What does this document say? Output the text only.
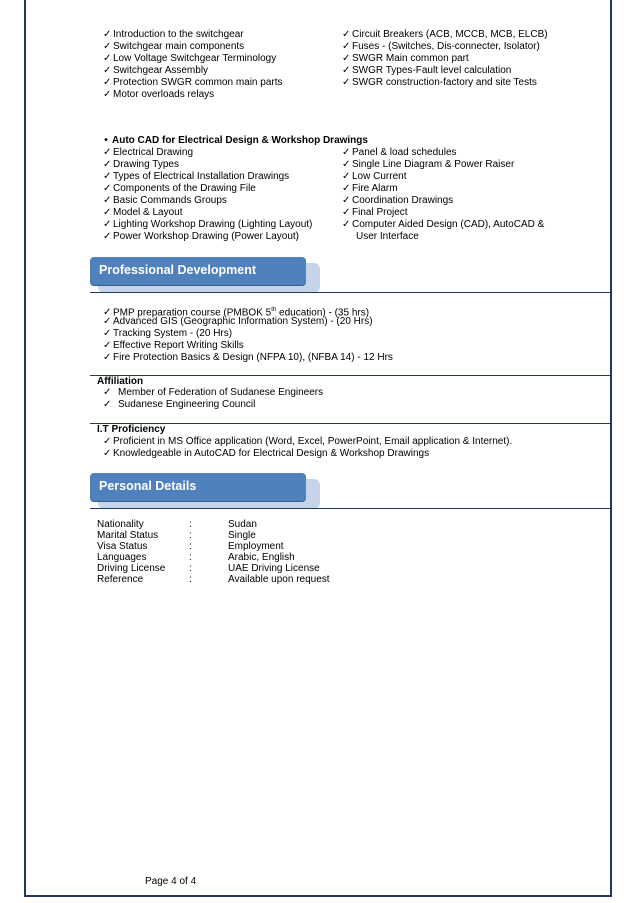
✓ Introduction to the switchgear
✓ Switchgear main components
✓ Low Voltage Switchgear Terminology
✓ Switchgear Assembly
✓ Protection SWGR common main parts
✓ Motor overloads relays
✓ Circuit Breakers (ACB, MCCB, MCB, ELCB)
✓ Fuses - (Switches, Dis-connecter, Isolator)
✓ SWGR Main common part
✓ SWGR Types-Fault level calculation
✓ SWGR construction-factory and site Tests
• Auto CAD for Electrical Design & Workshop Drawings
✓ Electrical Drawing
✓ Drawing Types
✓ Types of Electrical Installation Drawings
✓ Components of the Drawing File
✓ Basic Commands Groups
✓ Model & Layout
✓ Lighting Workshop Drawing (Lighting Layout)
✓ Power Workshop Drawing (Power Layout)
✓ Panel & load schedules
✓ Single Line Diagram & Power Raiser
✓ Low Current
✓ Fire Alarm
✓ Coordination Drawings
✓ Final Project
✓ Computer Aided Design (CAD), AutoCAD &
User Interface
Professional Development
✓ PMP preparation course (PMBOK 5th education) - (35 hrs)
✓ Advanced GIS (Geographic Information System) - (20 Hrs)
✓ Tracking System - (20 Hrs)
✓ Effective Report Writing Skills
✓ Fire Protection Basics & Design (NFPA 10), (NFBA 14) - 12 Hrs
Affiliation
✓ Member of Federation of Sudanese Engineers
✓ Sudanese Engineering Council
I.T Proficiency
✓ Proficient in MS Office application (Word, Excel, PowerPoint, Email application & Internet).
✓ Knowledgeable in AutoCAD for Electrical Design & Workshop Drawings
Personal Details
Nationality	:	Sudan
Marital Status	:	Single
Visa Status	:	Employment
Languages	:	Arabic, English
Driving License :	UAE Driving License
Reference	:	Available upon request
Page 4 of 4
